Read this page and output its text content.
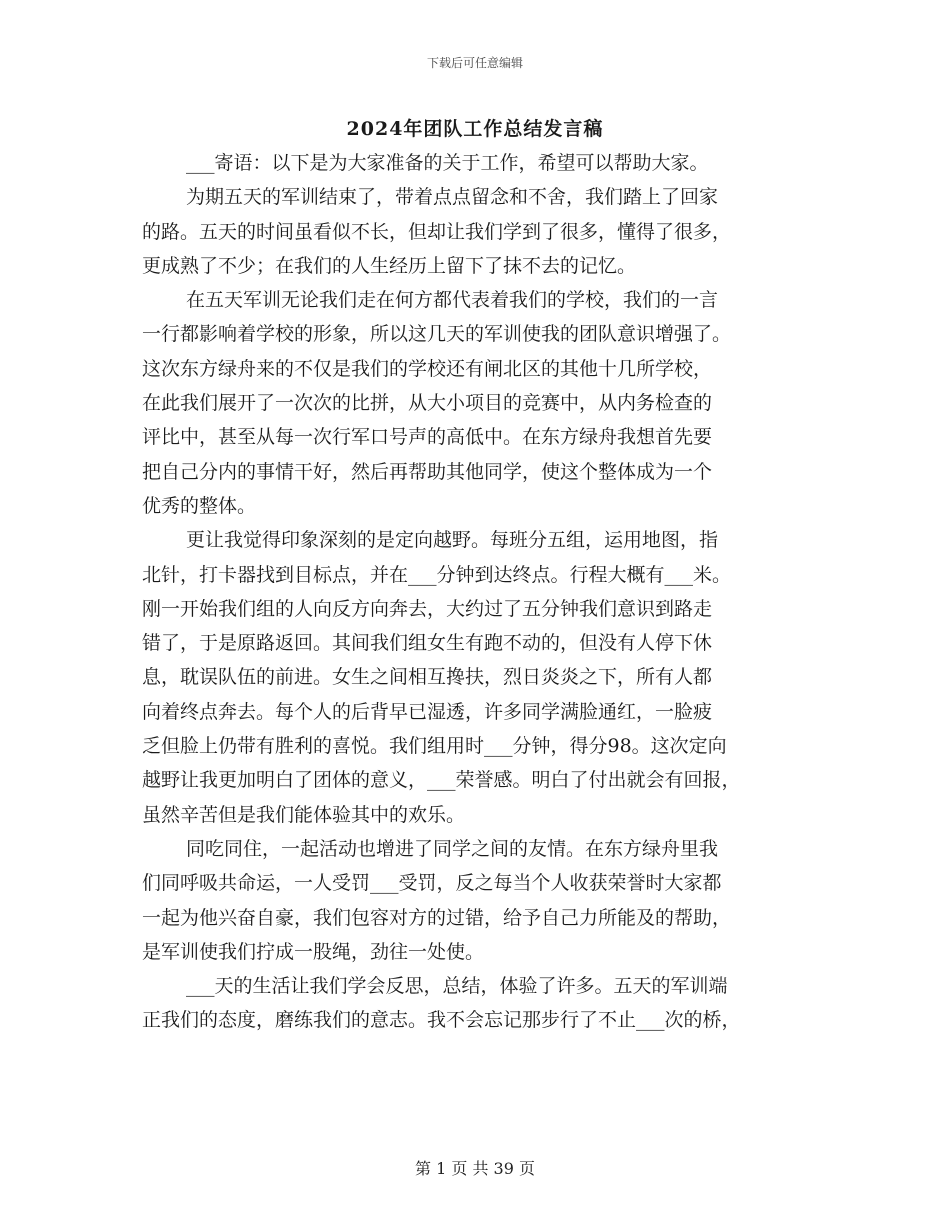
下载后可任意编辑
2024年团队工作总结发言稿
___寄语：以下是为大家准备的关于工作，希望可以帮助大家。
为期五天的军训结束了，带着点点留念和不舍，我们踏上了回家
的路。五天的时间虽看似不长，但却让我们学到了很多，懂得了很多，
更成熟了不少；在我们的人生经历上留下了抹不去的记忆。
在五天军训无论我们走在何方都代表着我们的学校，我们的一言
一行都影响着学校的形象，所以这几天的军训使我的团队意识增强了。
这次东方绿舟来的不仅是我们的学校还有闸北区的其他十几所学校，
在此我们展开了一次次的比拼，从大小项目的竞赛中，从内务检查的
评比中，甚至从每一次行军口号声的高低中。在东方绿舟我想首先要
把自己分内的事情干好，然后再帮助其他同学，使这个整体成为一个
优秀的整体。
更让我觉得印象深刻的是定向越野。每班分五组，运用地图，指
北针，打卡器找到目标点，并在___分钟到达终点。行程大概有___米。
刚一开始我们组的人向反方向奔去，大约过了五分钟我们意识到路走
错了，于是原路返回。其间我们组女生有跑不动的，但没有人停下休
息，耽误队伍的前进。女生之间相互搀扶，烈日炎炎之下，所有人都
向着终点奔去。每个人的后背早已湿透，许多同学满脸通红，一脸疲
乏但脸上仍带有胜利的喜悦。我们组用时___分钟，得分98。这次定向
越野让我更加明白了团体的意义，___荣誉感。明白了付出就会有回报，
虽然辛苦但是我们能体验其中的欢乐。
同吃同住，一起活动也增进了同学之间的友情。在东方绿舟里我
们同呼吸共命运，一人受罚___受罚，反之每当个人收获荣誉时大家都
一起为他兴奋自豪，我们包容对方的过错，给予自己力所能及的帮助，
是军训使我们拧成一股绳，劲往一处使。
___天的生活让我们学会反思，总结，体验了许多。五天的军训端
正我们的态度，磨练我们的意志。我不会忘记那步行了不止___次的桥，
第 1 页 共 39 页
